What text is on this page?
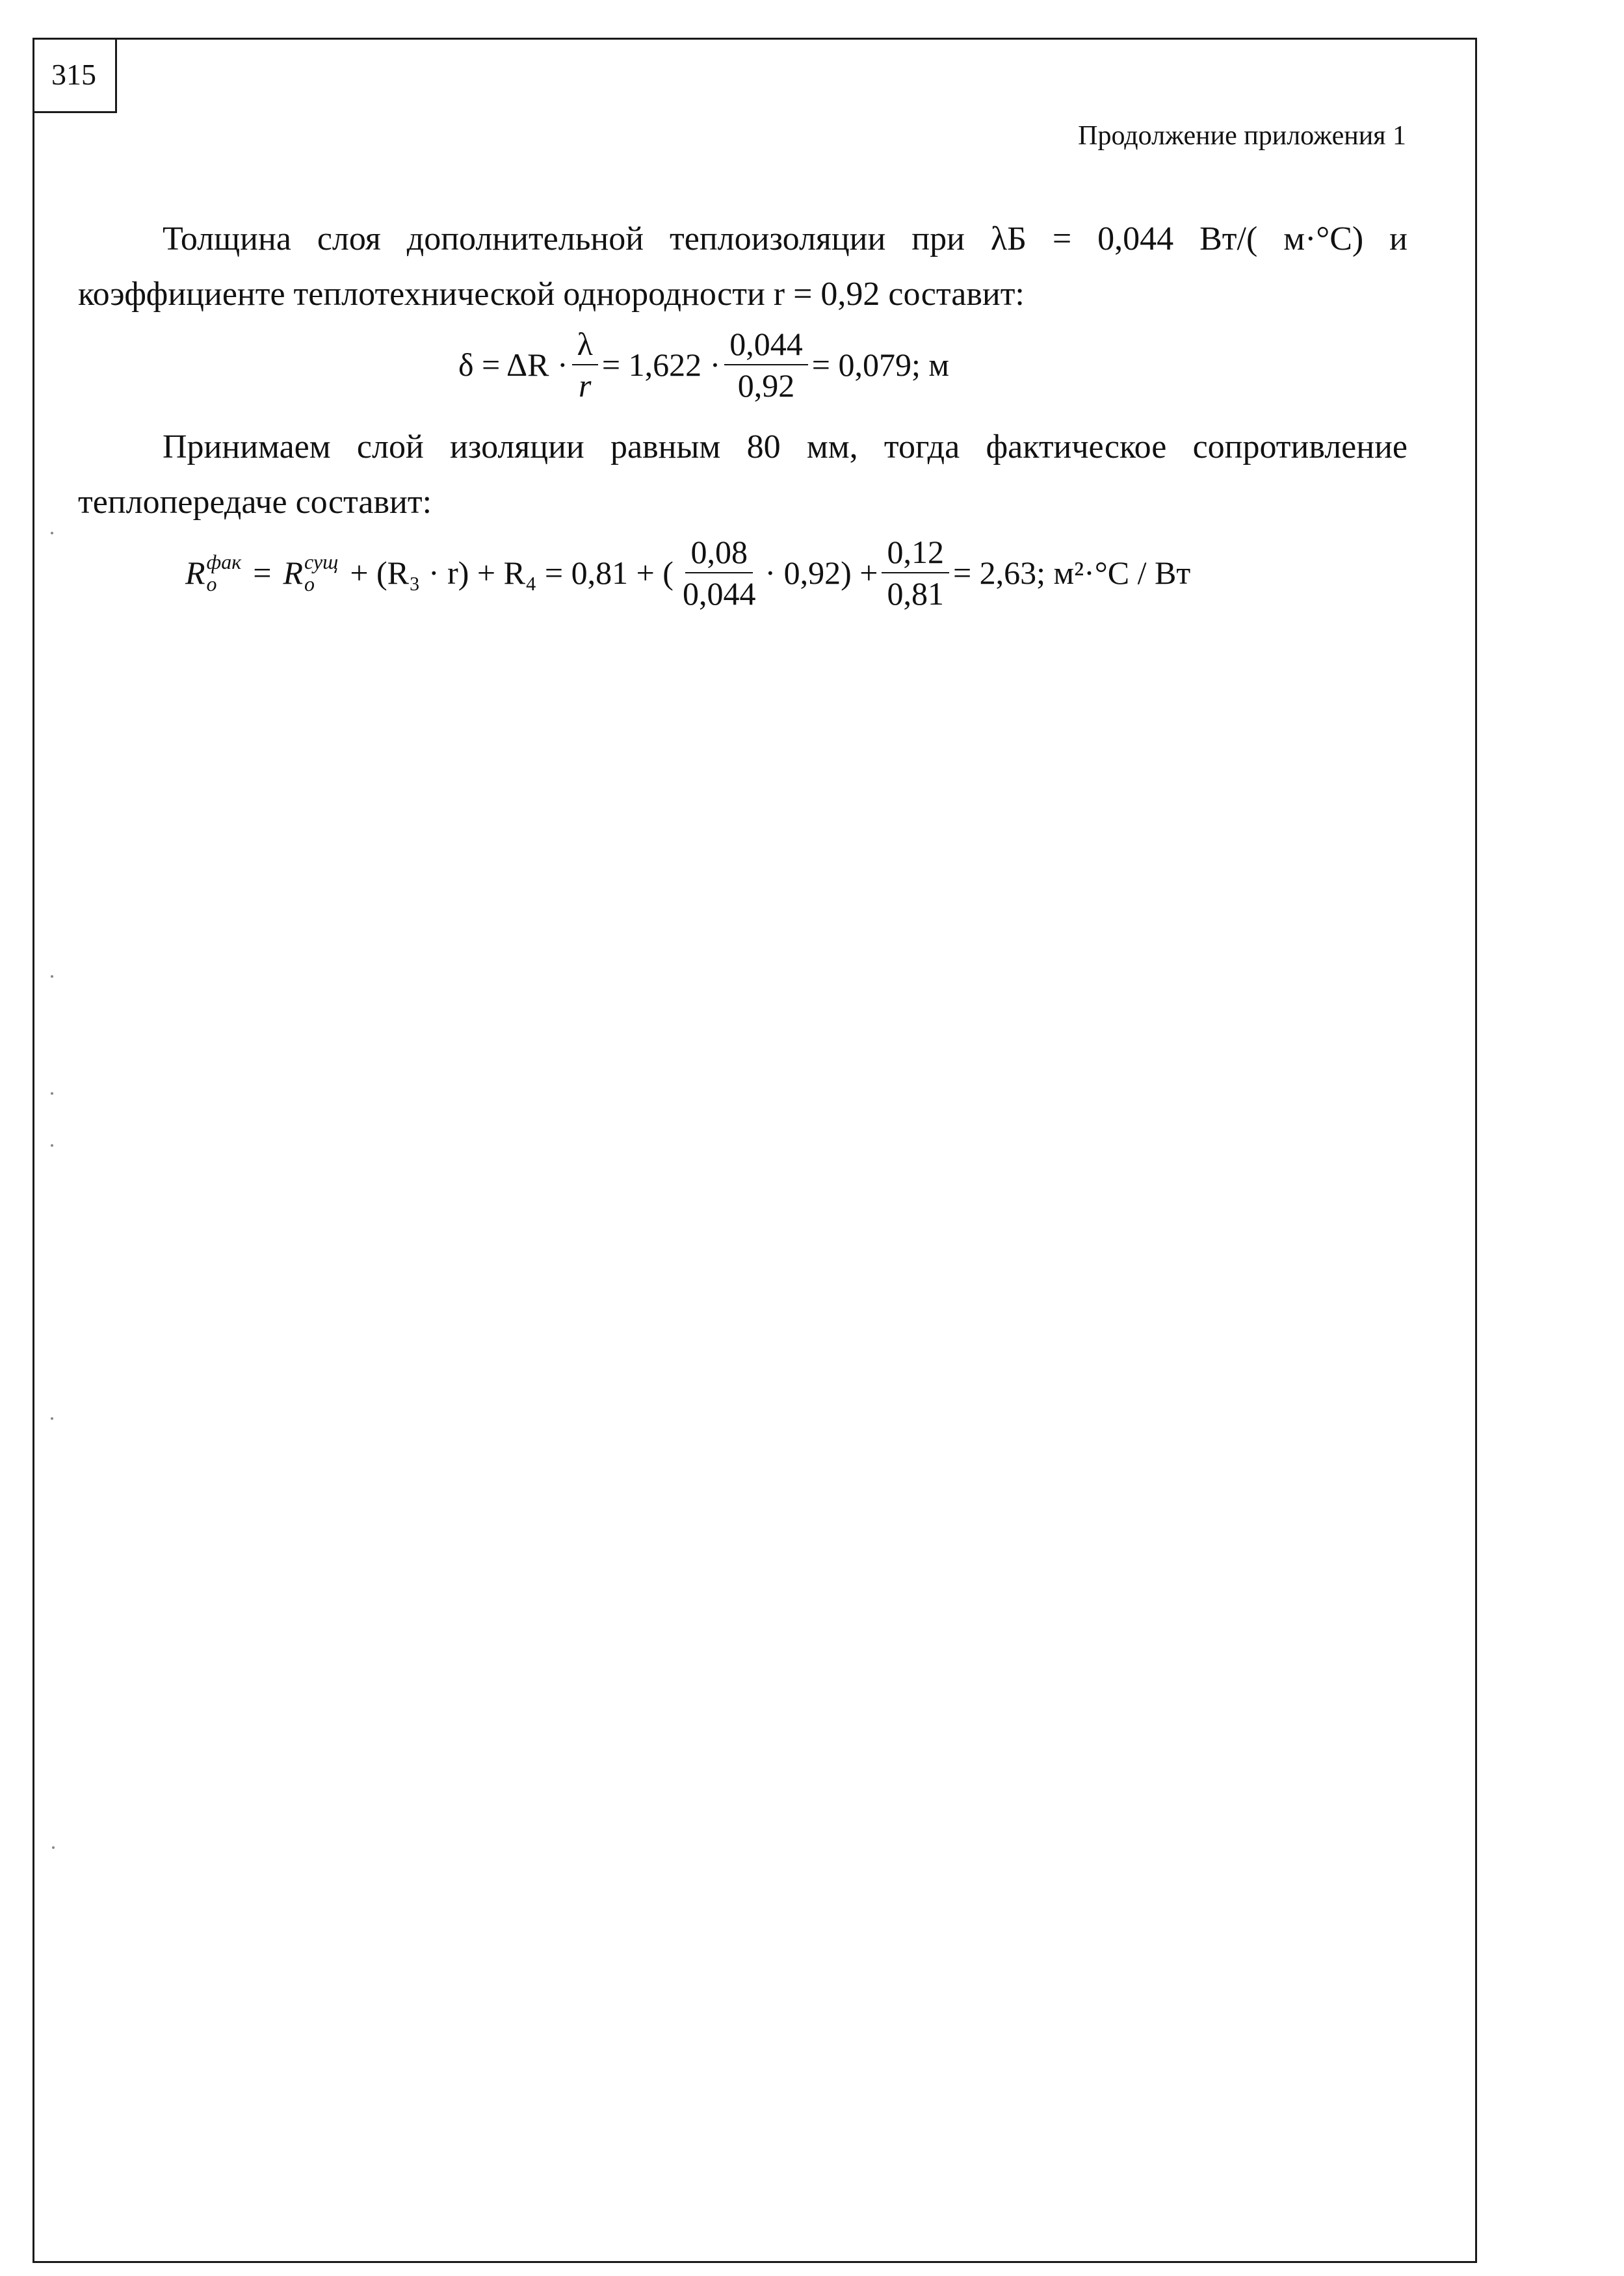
315
Продолжение приложения 1
Толщина слоя дополнительной теплоизоляции при λБ = 0,044 Вт/( м·°С) и коэффициенте теплотехнической однородности r = 0,92 составит:
$\delta = \Delta R \cdot \frac{\lambda}{r} = 1,622 \cdot \frac{0,044}{0,92} = 0,079$; м
Принимаем слой изоляции равным 80 мм, тогда фактическое сопротивление теплопередаче составит:
R фак
о	= R сущ
о	+ (R₃ · r) + R₄ = 0,81 + ( $\frac{0,08}{0,044} \cdot 0,92) + \frac{0,12}{0,81} = 2,63$; м²·°С / Вт
